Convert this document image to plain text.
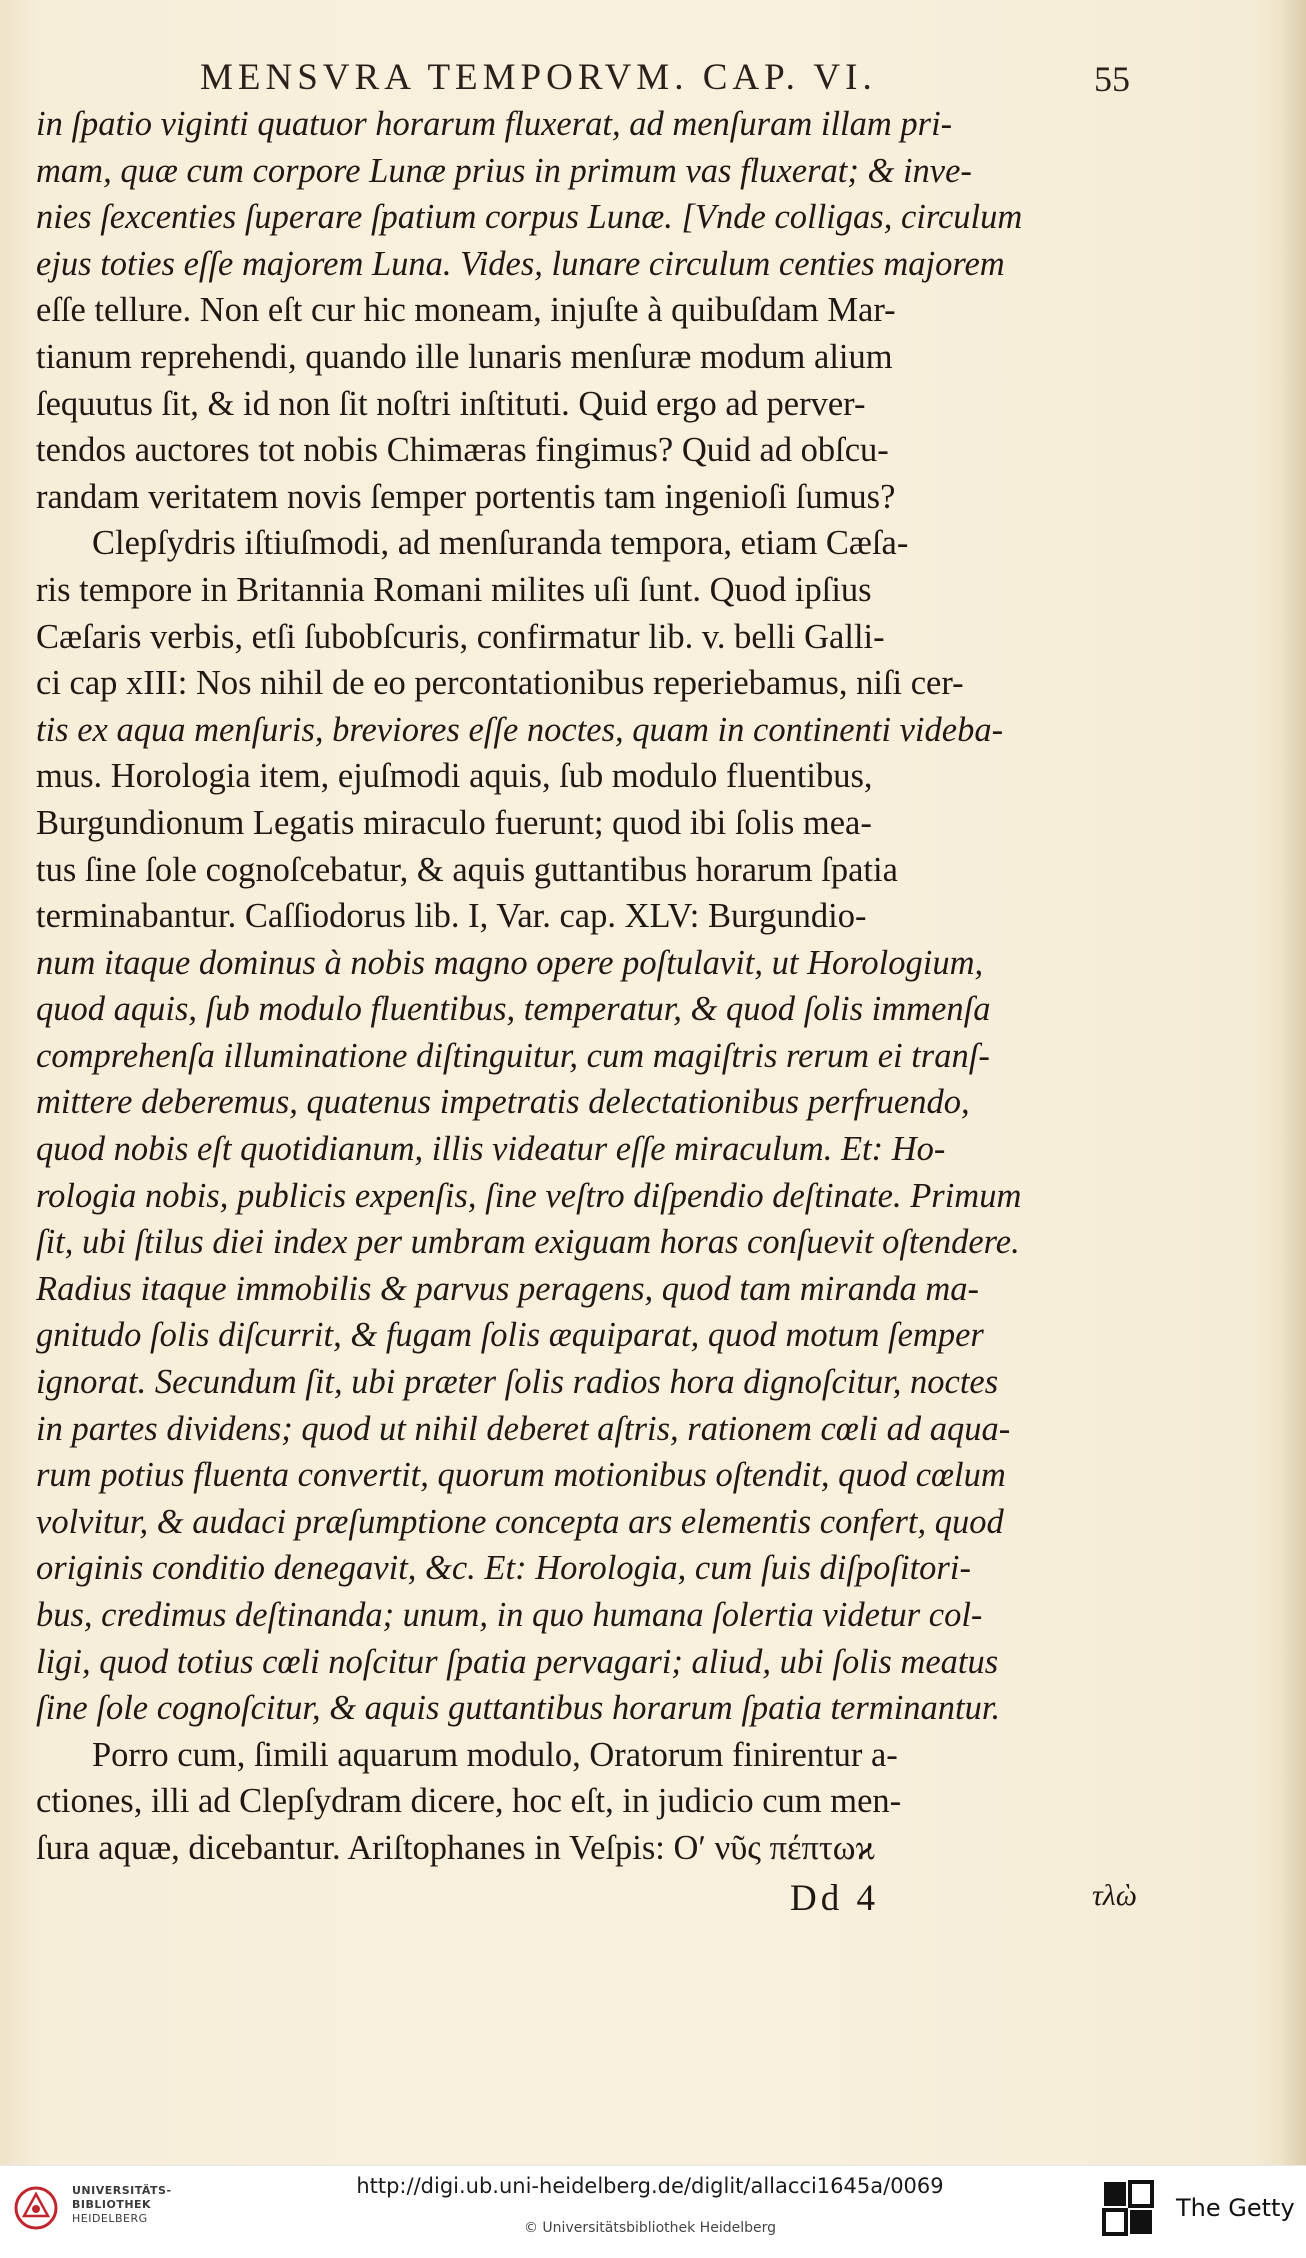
MENSVRA TEMPORVM. CAP. VI.	55
in ſpatio viginti quatuor horarum fluxerat, ad menſuram illam pri-
mam, quæ cum corpore Lunæ prius in primum vas fluxerat; & inve-
nies ſexcenties ſuperare ſpatium corpus Lunæ. [Vnde colligas, circulum
ejus toties eſſe majorem Luna. Vides, lunare circulum centies majorem
eſſe tellure. Non eſt cur hic moneam, injuſte à quibuſdam Mar-
tianum reprehendi, quando ille lunaris menſuræ modum alium
ſequutus ſit, & id non ſit noſtri inſtituti. Quid ergo ad perver-
tendos auctores tot nobis Chimæras fingimus? Quid ad obſcu-
randam veritatem novis ſemper portentis tam ingenioſi ſumus?
Clepſydris iſtiuſmodi, ad menſuranda tempora, etiam Cæſa-
ris tempore in Britannia Romani milites uſi ſunt. Quod ipſius
Cæſaris verbis, etſi ſubobſcuris, confirmatur lib. v. belli Galli-
ci cap xIII: Nos nihil de eo percontationibus reperiebamus, niſi cer-
tis ex aqua menſuris, breviores eſſe noctes, quam in continenti videba-
mus. Horologia item, ejuſmodi aquis, ſub modulo fluentibus,
Burgundionum Legatis miraculo fuerunt; quod ibi ſolis mea-
tus ſine ſole cognoſcebatur, & aquis guttantibus horarum ſpatia
terminabantur. Caſſiodorus lib. I, Var. cap. XLV: Burgundio-
num itaque dominus à nobis magno opere poſtulavit, ut Horologium,
quod aquis, ſub modulo fluentibus, temperatur, & quod ſolis immenſa
comprehenſa illuminatione diſtinguitur, cum magiſtris rerum ei tranſ-
mittere deberemus, quatenus impetratis delectationibus perfruendo,
quod nobis eſt quotidianum, illis videatur eſſe miraculum. Et: Ho-
rologia nobis, publicis expenſis, ſine veſtro diſpendio deſtinate. Primum
ſit, ubi ſtilus diei index per umbram exiguam horas conſuevit oſtendere.
Radius itaque immobilis & parvus peragens, quod tam miranda ma-
gnitudo ſolis diſcurrit, & fugam ſolis æquiparat, quod motum ſemper
ignorat. Secundum ſit, ubi præter ſolis radios hora dignoſcitur, noctes
in partes dividens; quod ut nihil deberet aſtris, rationem cœli ad aqua-
rum potius fluenta convertit, quorum motionibus oſtendit, quod cœlum
volvitur, & audaci præſumptione concepta ars elementis confert, quod
originis conditio denegavit, &c. Et: Horologia, cum ſuis diſpoſitori-
bus, credimus deſtinanda; unum, in quo humana ſolertia videtur col-
ligi, quod totius cœli noſcitur ſpatia pervagari; aliud, ubi ſolis meatus
ſine ſole cognoſcitur, & aquis guttantibus horarum ſpatia terminantur.
Porro cum, ſimili aquarum modulo, Oratorum finirentur a-
ctiones, illi ad Clepſydram dicere, hoc eſt, in judicio cum men-
ſura aquæ, dicebantur. Ariſtophanes in Veſpis: Oʹ νῦς πέπτωϰ
Dd 4	τλὼ
UNIVERSITÄTS-
BIBLIOTHEK
HEIDELBERG
http://digi.ub.uni-heidelberg.de/diglit/allacci1645a/0069
© Universitätsbibliothek Heidelberg
The Getty
